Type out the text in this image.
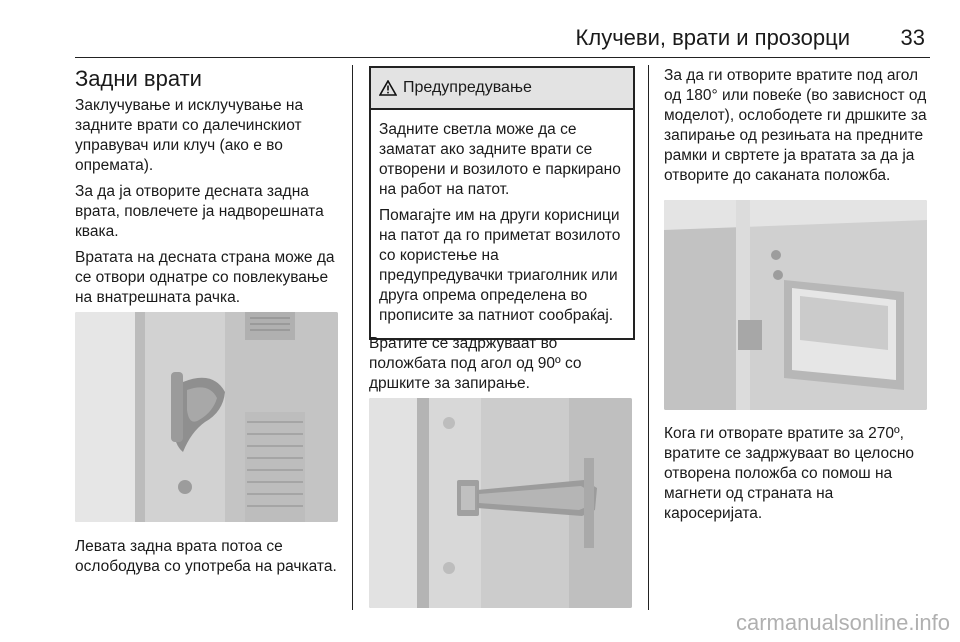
Клучеви, врати и прозорци 33
Задни врати

Заклучување и исклучување на задните врати со далечинскиот управувач или клуч (ако е во опремата).

За да ја отворите десната задна врата, повлечете ја надворешната квака.

Вратата на десната страна може да се отвори однатре со повлекување на внатрешната рачка.

Левата задна врата потоа се ослободува со употреба на рачката.

Предупредување

Задните светла може да се заматат ако задните врати се отворени и возилото е паркирано на работ на патот.

Помагајте им на други корисници на патот да го приметат возилото со користење на предупредувачки триаголник или друга опрема определена во прописите за патниот сообраќај.

Вратите се задржуваат во положбата под агол од 90º со дршките за запирање.

За да ги отворите вратите под агол од 180° или повеќе (во зависност од моделот), ослободете ги дршките за запирање од резињата на предните рамки и свртете ја вратата за да ја отворите до саканата положба.

Кога ги отворате вратите за 270º, вратите се задржуваат во целосно отворена положба со помош на магнети од страната на каросеријата.

carmanualsonline.info
